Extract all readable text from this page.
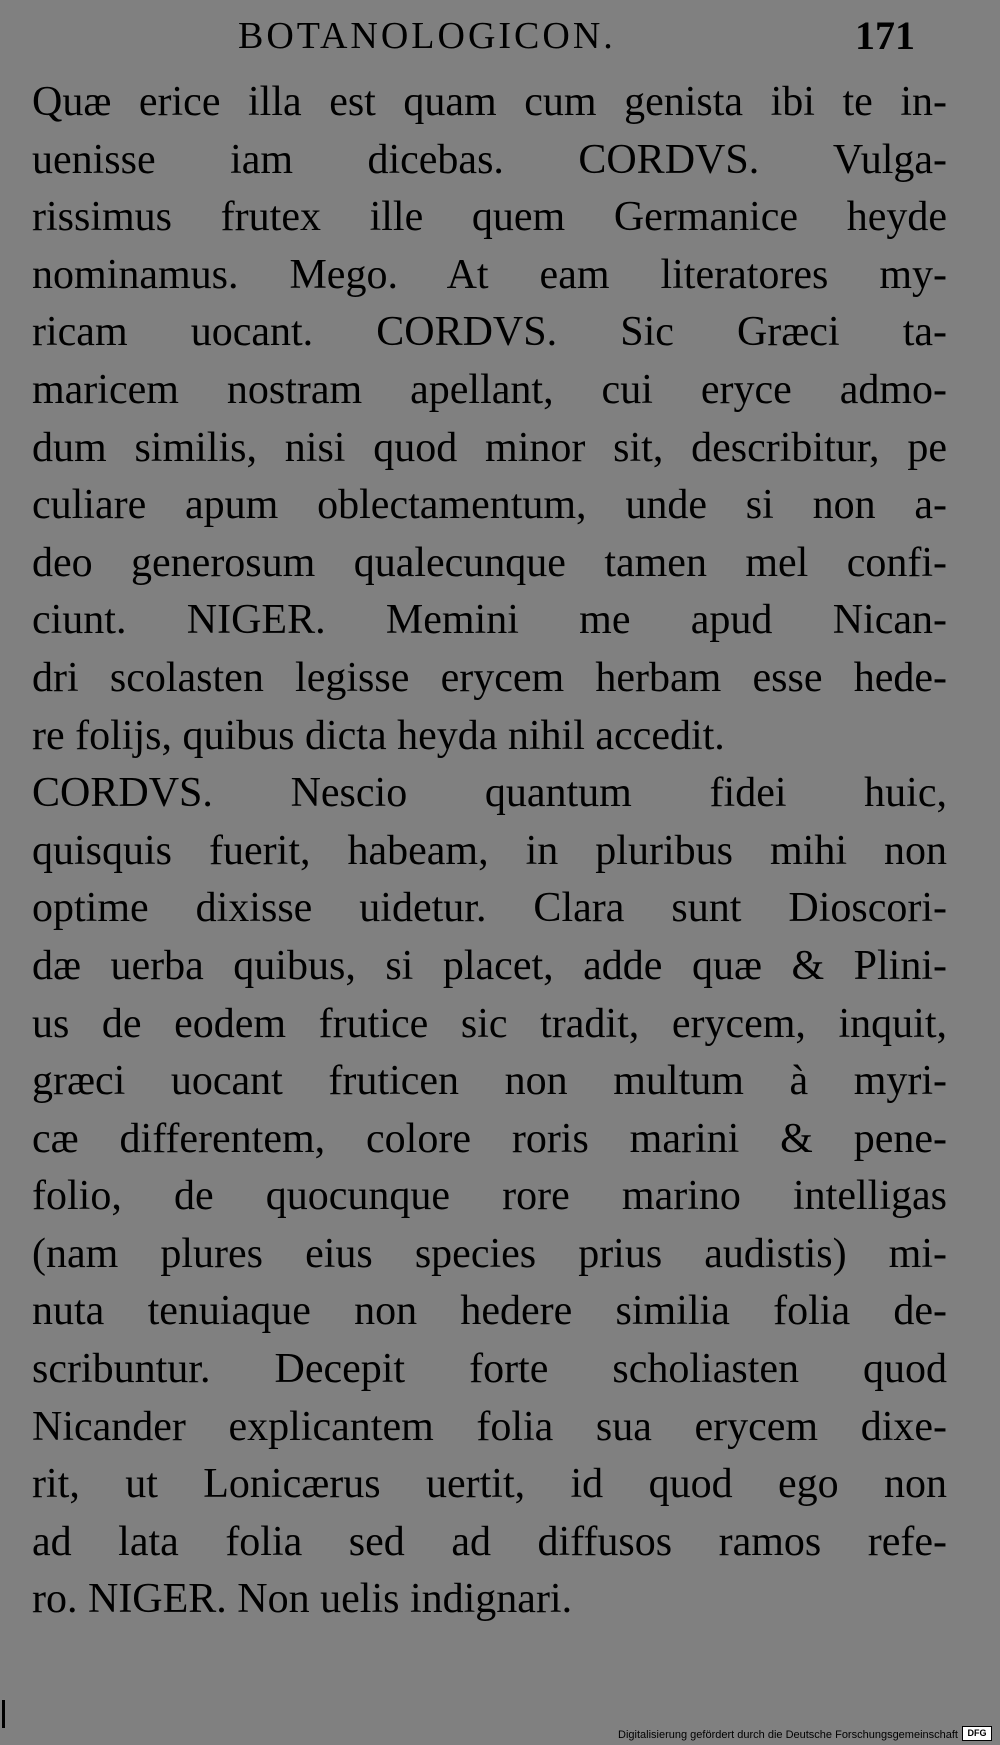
BOTANOLOGICON.	171
Quæ erice illa est quam cum genista ibi te in-
uenisse iam dicebas. CORDVS. Vulga-
rissimus frutex ille quem Germanice heyde
nominamus. Mego. At eam literatores my-
ricam uocant. CORDVS. Sic Græci ta-
maricem nostram apellant, cui eryce admo-
dum similis, nisi quod minor sit, describitur, pe
culiare apum oblectamentum, unde si non a-
deo generosum qualecunque tamen mel confi-
ciunt. NIGER. Memini me apud Nican-
dri scolasten legisse erycem herbam esse hede-
re folijs, quibus dicta heyda nihil accedit.
CORDVS. Nescio quantum fidei huic,
quisquis fuerit, habeam, in pluribus mihi non
optime dixisse uidetur. Clara sunt Dioscori-
dæ uerba quibus, si placet, adde quæ & Plini-
us de eodem frutice sic tradit, erycem, inquit,
græci uocant fruticen non multum à myri-
cæ differentem, colore roris marini & pene-
folio, de quocunque rore marino intelligas
(nam plures eius species prius audistis) mi-
nuta tenuiaque non hedere similia folia de-
scribuntur. Decepit forte scholiasten quod
Nicander explicantem folia sua erycem dixe-
rit, ut Lonicærus uertit, id quod ego non
ad lata folia sed ad diffusos ramos refe-
ro. NIGER. Non uelis indignari.
Digitalisierung gefördert durch die Deutsche Forschungsgemeinschaft	DFG
